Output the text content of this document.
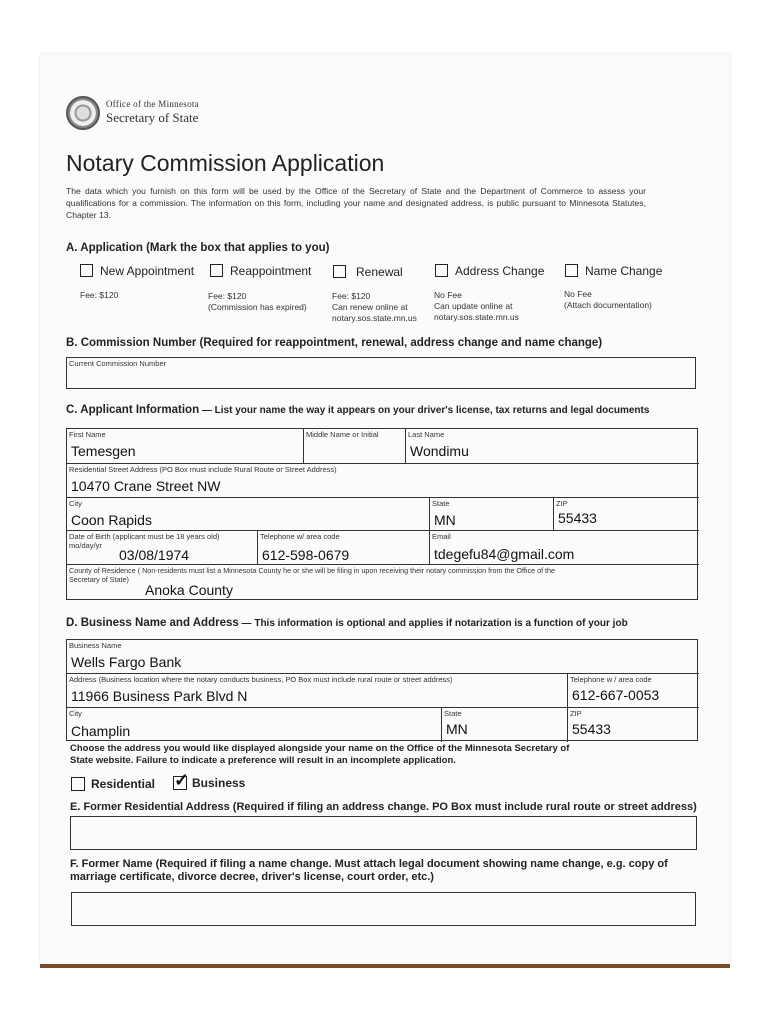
Office of the Minnesota
Secretary of State
Notary Commission Application
The data which you furnish on this form will be used by the Office of the Secretary of State and the Department of Commerce to assess your qualifications for a commission. The information on this form, including your name and designated address, is public pursuant to Minnesota Statutes, Chapter 13.
A. Application (Mark the box that applies to you)
New Appointment
Fee: $120
Reappointment
Fee: $120
(Commission has expired)
Renewal
Fee: $120
Can renew online at
notary.sos.state.mn.us
Address Change
No Fee
Can update online at
notary.sos.state.mn.us
Name Change
No Fee
(Attach documentation)
B. Commission Number (Required for reappointment, renewal, address change and name change)
Current Commission Number
C. Applicant Information — List your name the way it appears on your driver's license, tax returns and legal documents
First Name
Temesgen
Middle Name or Initial	Last Name
Wondimu
Residential Street Address (PO Box must include Rural Route or Street Address)
10470 Crane Street NW
City
Coon Rapids
State
MN
ZIP
55433
Date of Birth (applicant must be 18 years old)
mo/day/yr
03/08/1974
Telephone w/ area code
612-598-0679
Email
tdegefu84@gmail.com
County of Residence ( Non-residents must list a Minnesota County he or she will be filing in upon receiving their notary commission from the Office of the
Secretary of State)
Anoka County
D. Business Name and Address — This information is optional and applies if notarization is a function of your job
Business Name
Wells Fargo Bank
Address (Business location where the notary conducts business, PO Box must include rural route or street address)
11966 Business Park Blvd N
Telephone w / area code
612-667-0053
City
Champlin
State
MN
ZIP
55433
Choose the address you would like displayed alongside your name on the Office of the Minnesota Secretary of
State website. Failure to indicate a preference will result in an incomplete application.
Residential ✓ Business
E. Former Residential Address (Required if filing an address change. PO Box must include rural route or street address)
F. Former Name (Required if filing a name change. Must attach legal document showing name change, e.g. copy of
marriage certificate, divorce decree, driver's license, court order, etc.)
